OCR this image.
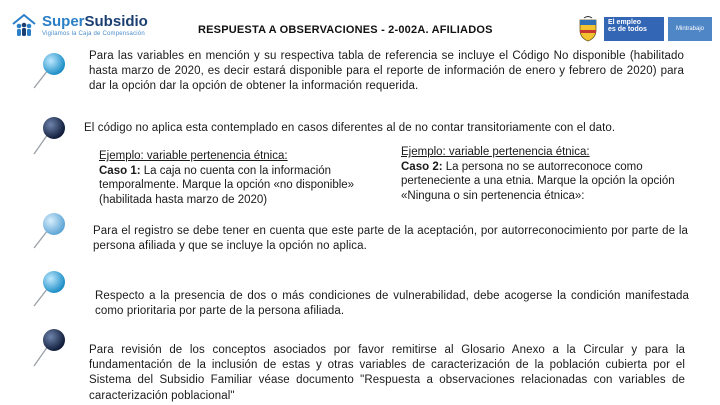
SuperSubsidio
Vigilamos la Caja de Compensación	RESPUESTA A OBSERVACIONES - 2-002A. AFILIADOS
El empleo
es de todos	Mintrabajo
Para las variables en mención y su respectiva tabla de referencia se incluye el Código No disponible (habilitado hasta marzo de 2020, es decir estará disponible para el reporte de información de enero y febrero de 2020) para dar la opción dar la opción de obtener la información requerida.
El código no aplica esta contemplado en casos diferentes al de no contar transitoriamente con el dato.
Ejemplo: variable pertenencia étnica:
Caso 1: La caja no cuenta con la información temporalmente. Marque la opción «no disponible» (habilitada hasta marzo de 2020)
Ejemplo: variable pertenencia étnica:
Caso 2: La persona no se autorreconoce como perteneciente a una etnia. Marque la opción la opción «Ninguna o sin pertenencia étnica»:
Para el registro se debe tener en cuenta que este parte de la aceptación, por autorreconocimiento por parte de la persona afiliada y que se incluye la opción no aplica.
Respecto a la presencia de dos o más condiciones de vulnerabilidad, debe acogerse la condición manifestada como prioritaria por parte de la persona afiliada.
Para revisión de los conceptos asociados por favor remitirse al Glosario Anexo a la Circular y para la fundamentación de la inclusión de estas y otras variables de caracterización de la población cubierta por el Sistema del Subsidio Familiar véase documento "Respuesta a observaciones relacionadas con variables de caracterización poblacional"
